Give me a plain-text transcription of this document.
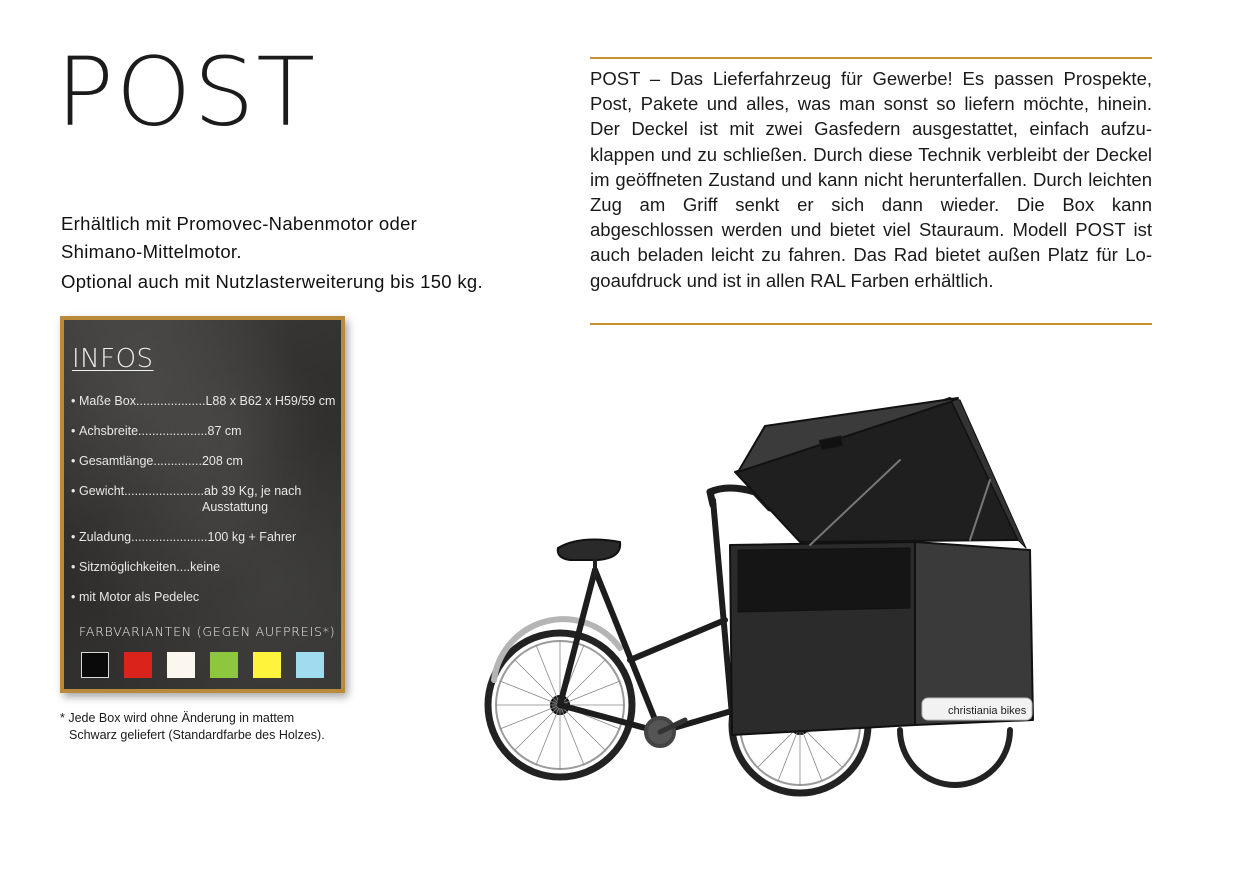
POST
Erhältlich mit Promovec-Nabenmotor oder
Shimano-Mittelmotor.
Optional auch mit Nutzlasterweiterung bis 150 kg.
POST – Das Lieferfahrzeug für Gewerbe! Es passen Prospekte, Post, Pakete und alles, was man sonst so liefern möchte, hinein. Der Deckel ist mit zwei Gasfedern ausgestattet, einfach aufzuklappen und zu schließen. Durch diese Technik verbleibt der Deckel im geöffneten Zustand und kann nicht herunterfallen. Durch leichten Zug am Griff senkt er sich dann wieder. Die Box kann abgeschlossen werden und bietet viel Stauraum. Modell POST ist auch beladen leicht zu fahren. Das Rad bietet außen Platz für Logoaufdruck und ist in allen RAL Farben erhältlich.
INFOS
• Maße Box.................... L88 x B62 x H59/59 cm
• Achsbreite.................... 87 cm
• Gesamtlänge.............. 208 cm
• Gewicht....................... ab 39 Kg, je nach
Ausstattung
• Zuladung...................... 100 kg + Fahrer
• Sitzmöglichkeiten.... keine
• mit Motor als Pedelec
FARBVARIANTEN (GEGEN AUFPREIS*)
* Jede Box wird ohne Änderung in mattem
Schwarz geliefert (Standardfarbe des Holzes).
christiania bikes
